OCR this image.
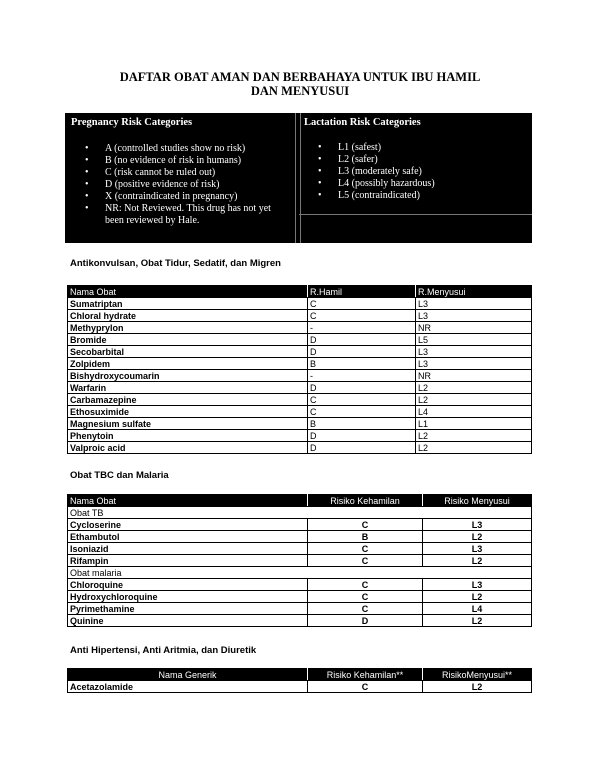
DAFTAR OBAT AMAN DAN BERBAHAYA UNTUK IBU HAMIL
DAN MENYUSUI
Pregnancy Risk Categories
• A (controlled studies show no risk)
• B (no evidence of risk in humans)
• C (risk cannot be ruled out)
• D (positive evidence of risk)
• X (contraindicated in pregnancy)
• NR: Not Reviewed. This drug has not yet been reviewed by Hale.
Lactation Risk Categories
• L1 (safest)
• L2 (safer)
• L3 (moderately safe)
• L4 (possibly hazardous)
• L5 (contraindicated)
Antikonvulsan, Obat Tidur, Sedatif, dan Migren
Nama Obat	R.Hamil	R.Menyusui
Sumatriptan	C	L3
Chloral hydrate	C	L3
Methyprylon	-	NR
Bromide	D	L5
Secobarbital	D	L3
Zolpidem	B	L3
Bishydroxycoumarin	-	NR
Warfarin	D	L2
Carbamazepine	C	L2
Ethosuximide	C	L4
Magnesium sulfate	B	L1
Phenytoin	D	L2
Valproic acid	D	L2
Obat TBC dan Malaria
Nama Obat	Risiko Kehamilan	Risiko Menyusui
Obat TB		
Cycloserine	C	L3
Ethambutol	B	L2
Isoniazid	C	L3
Rifampin	C	L2
Obat malaria		
Chloroquine	C	L3
Hydroxychloroquine	C	L2
Pyrimethamine	C	L4
Quinine	D	L2
Anti Hipertensi, Anti Aritmia, dan Diuretik
Nama Generik	Risiko Kehamilan**	RisikoMenyusui**
Acetazolamide	C	L2
